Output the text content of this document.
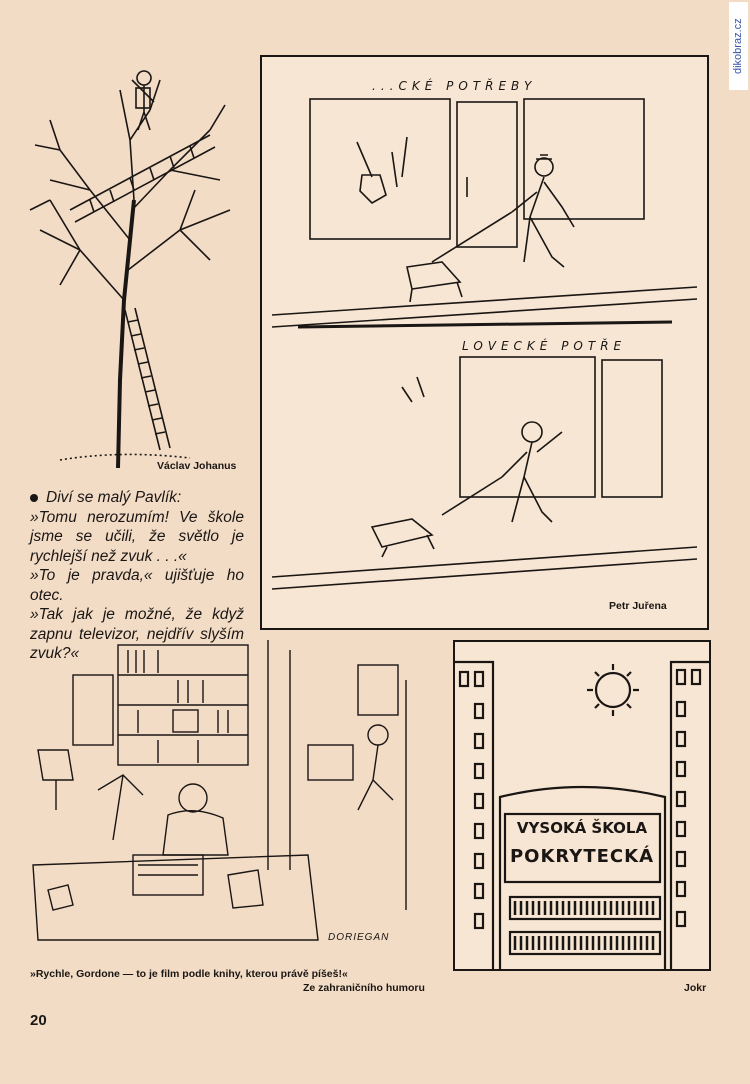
dikobraz.cz
Václav Johanus
...CKÉ POTŘEBY
LOVECKÉ POTŘE
Petr Juřena

Diví se malý Pavlík:

»Tomu nerozumím! Ve škole jsme se učili, že světlo je rychlejší než zvuk . . .«

»To je pravda,« ujišťuje ho otec.

»Tak jak je možné, že když zapnu televizor, nejdřív slyším zvuk?«

DORIEGAN
»Rychle, Gordone — to je film podle knihy, kterou právě píšeš!«
Ze zahraničního humoru
VYSOKÁ ŠKOLA
POKRYTECKÁ
Jokr
20
